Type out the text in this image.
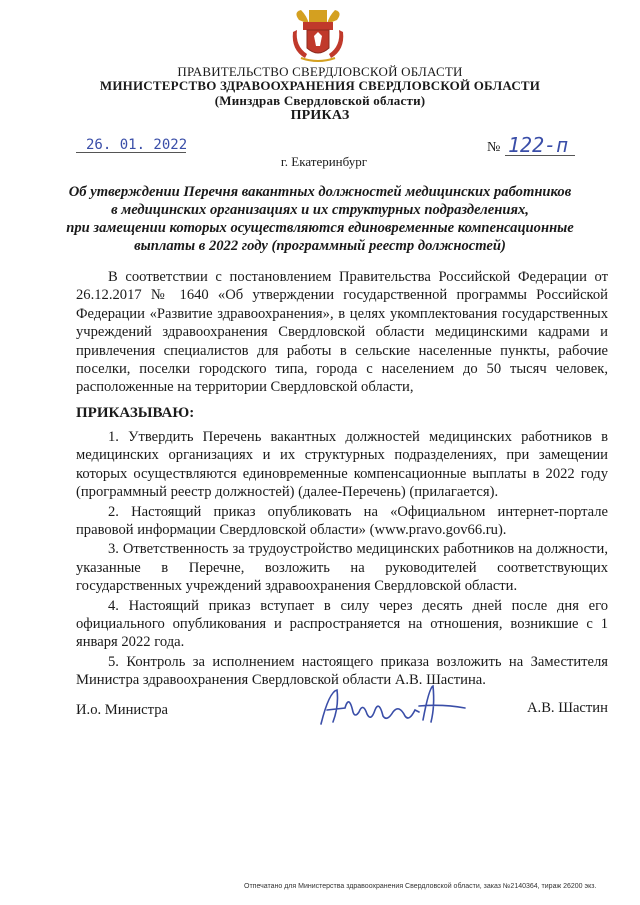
ПРАВИТЕЛЬСТВО СВЕРДЛОВСКОЙ ОБЛАСТИ
МИНИСТЕРСТВО ЗДРАВООХРАНЕНИЯ СВЕРДЛОВСКОЙ ОБЛАСТИ
(Минздрав Свердловской области)
ПРИКАЗ
26. 01. 2022	№ 122-п
г. Екатеринбург
Об утверждении Перечня вакантных должностей медицинских работников
в медицинских организациях и их структурных подразделениях,
при замещении которых осуществляются единовременные компенсационные
выплаты в 2022 году (программный реестр должностей)

В соответствии с постановлением Правительства Российской Федерации от 26.12.2017 № 1640 «Об утверждении государственной программы Российской Федерации «Развитие здравоохранения», в целях укомплектования государственных учреждений здравоохранения Свердловской области медицинскими кадрами и привлечения специалистов для работы в сельские населенные пункты, рабочие поселки, поселки городского типа, города с населением до 50 тысяч человек, расположенные на территории Свердловской области,

ПРИКАЗЫВАЮ:

1. Утвердить Перечень вакантных должностей медицинских работников в медицинских организациях и их структурных подразделениях, при замещении которых осуществляются единовременные компенсационные выплаты в 2022 году (программный реестр должностей) (далее-Перечень) (прилагается).

2. Настоящий приказ опубликовать на «Официальном интернет-портале правовой информации Свердловской области» (www.pravo.gov66.ru).

3. Ответственность за трудоустройство медицинских работников на должности, указанные в Перечне, возложить на руководителей соответствующих государственных учреждений здравоохранения Свердловской области.

4. Настоящий приказ вступает в силу через десять дней после дня его официального опубликования и распространяется на отношения, возникшие с 1 января 2022 года.

5. Контроль за исполнением настоящего приказа возложить на Заместителя Министра здравоохранения Свердловской области А.В. Шастина.

И.о. Министра	А.В. Шастин
Отпечатано для Министерства здравоохранения Свердловской области, заказ №2140364, тираж 26200 экз.
